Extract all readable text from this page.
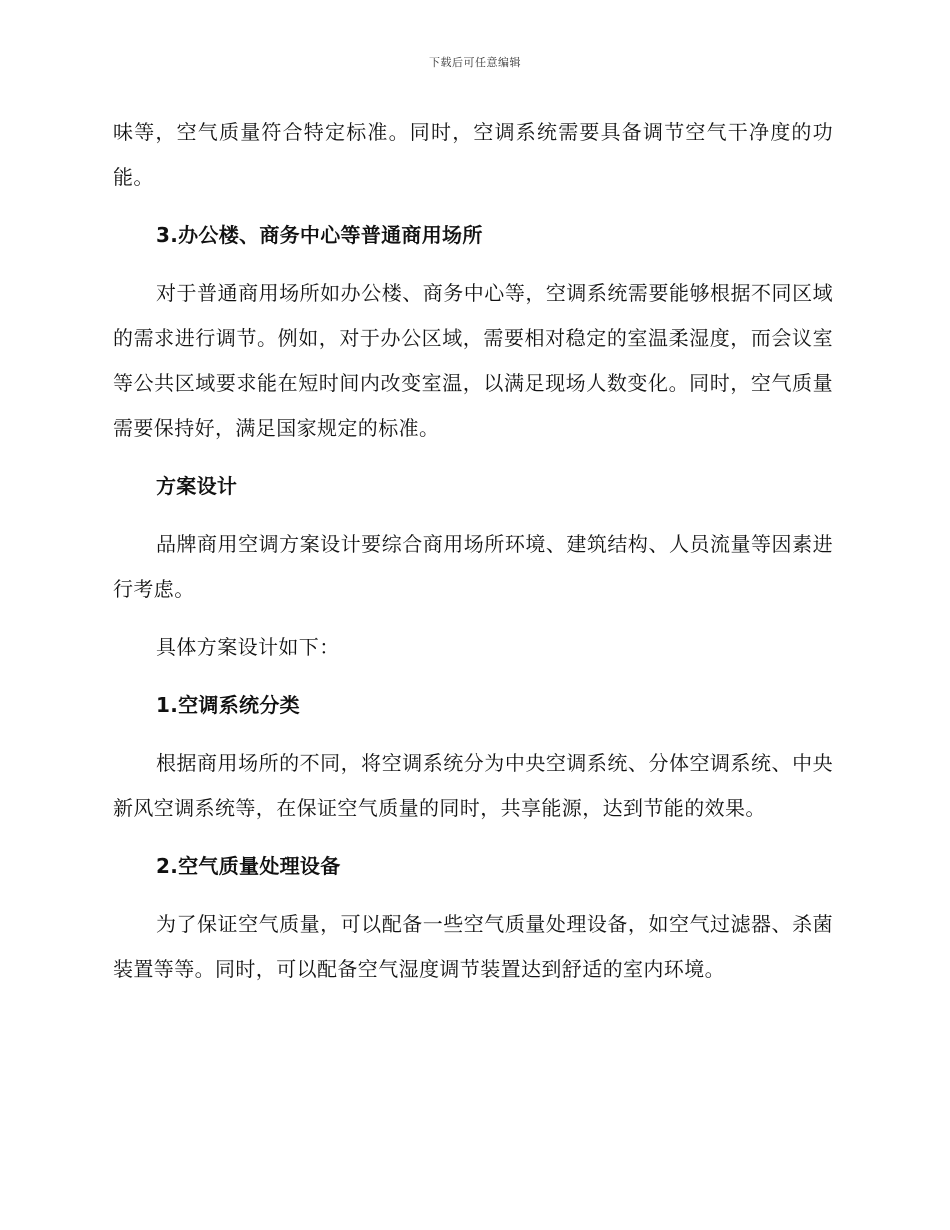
下载后可任意编辑

味等，空气质量符合特定标准。同时，空调系统需要具备调节空气干净度的功能。

3.办公楼、商务中心等普通商用场所

对于普通商用场所如办公楼、商务中心等，空调系统需要能够根据不同区域的需求进行调节。例如，对于办公区域，需要相对稳定的室温柔湿度，而会议室等公共区域要求能在短时间内改变室温，以满足现场人数变化。同时，空气质量需要保持好，满足国家规定的标准。

方案设计

品牌商用空调方案设计要综合商用场所环境、建筑结构、人员流量等因素进行考虑。

具体方案设计如下：

1.空调系统分类

根据商用场所的不同，将空调系统分为中央空调系统、分体空调系统、中央新风空调系统等，在保证空气质量的同时，共享能源，达到节能的效果。

2.空气质量处理设备

为了保证空气质量，可以配备一些空气质量处理设备，如空气过滤器、杀菌装置等等。同时，可以配备空气湿度调节装置达到舒适的室内环境。
